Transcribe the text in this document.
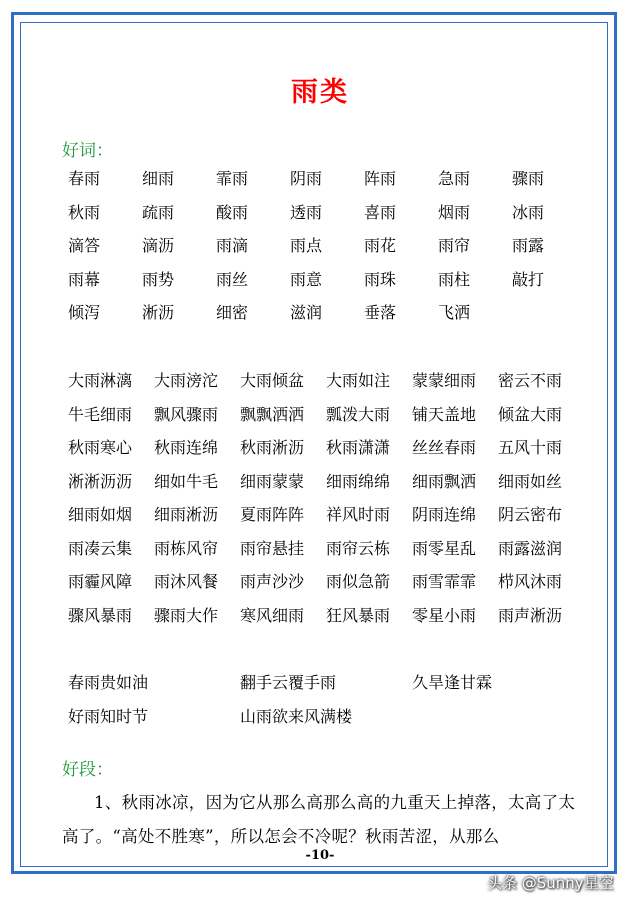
雨类
好词：
春雨	细雨	霏雨	阴雨	阵雨	急雨	骤雨
秋雨	疏雨	酸雨	透雨	喜雨	烟雨	冰雨
滴答	滴沥	雨滴	雨点	雨花	雨帘	雨露
雨幕	雨势	雨丝	雨意	雨珠	雨柱	敲打
倾泻	淅沥	细密	滋润	垂落	飞洒
大雨淋漓	大雨滂沱	大雨倾盆	大雨如注	蒙蒙细雨	密云不雨
牛毛细雨	飘风骤雨	飘飘洒洒	瓢泼大雨	铺天盖地	倾盆大雨
秋雨寒心	秋雨连绵	秋雨淅沥	秋雨潇潇	丝丝春雨	五风十雨
淅淅沥沥	细如牛毛	细雨蒙蒙	细雨绵绵	细雨飘洒	细雨如丝
细雨如烟	细雨淅沥	夏雨阵阵	祥风时雨	阴雨连绵	阴云密布
雨凑云集	雨栋风帘	雨帘悬挂	雨帘云栋	雨零星乱	雨露滋润
雨霾风障	雨沐风餐	雨声沙沙	雨似急箭	雨雪霏霏	栉风沐雨
骤风暴雨	骤雨大作	寒风细雨	狂风暴雨	零星小雨	雨声淅沥
春雨贵如油	翻手云覆手雨	久旱逢甘霖
好雨知时节	山雨欲来风满楼
好段：
1、秋雨冰凉，因为它从那么高那么高的九重天上掉落，太高了太高了。“高处不胜寒”，所以怎会不冷呢？秋雨苦涩，从那么
-10-
头条 @Sunny星空
